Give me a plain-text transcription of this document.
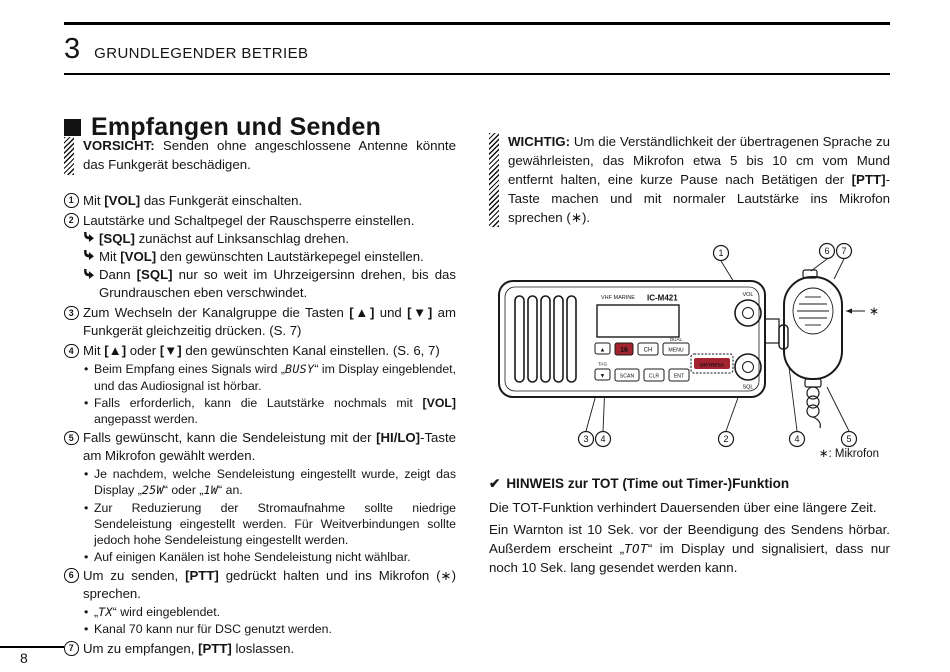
3 GRUNDLEGENDER BETRIEB
Empfangen und Senden
VORSICHT: Senden ohne angeschlossene Antenne könnte das Funkgerät beschädigen.
1 Mit [VOL] das Funkgerät einschalten.
2 Lautstärke und Schaltpegel der Rauschsperre einstellen.
[SQL] zunächst auf Linksanschlag drehen.
Mit [VOL] den gewünschten Lautstärkepegel einstellen.
Dann [SQL] nur so weit im Uhrzeigersinn drehen, bis das Grundrauschen eben verschwindet.
3 Zum Wechseln der Kanalgruppe die Tasten [▲] und [▼] am Funkgerät gleichzeitig drücken. (S. 7)
4 Mit [▲] oder [▼] den gewünschten Kanal einstellen. (S. 6, 7)
• Beim Empfang eines Signals wird „BUSY“ im Display eingeblendet, und das Audiosignal ist hörbar.
• Falls erforderlich, kann die Lautstärke nochmals mit [VOL] angepasst werden.
5 Falls gewünscht, kann die Sendeleistung mit der [HI/LO]-Taste am Mikrofon gewählt werden.
• Je nachdem, welche Sendeleistung eingestellt wurde, zeigt das Display „25W“ oder „1W“ an.
• Zur Reduzierung der Stromaufnahme sollte niedrige Sendeleistung eingestellt werden. Für Weitverbindungen sollte jedoch hohe Sendeleistung eingestellt werden.
• Auf einigen Kanälen ist hohe Sendeleistung nicht wählbar.
6 Um zu senden, [PTT] gedrückt halten und ins Mikrofon (∗) sprechen.
• „TX“ wird eingeblendet.
• Kanal 70 kann nur für DSC genutzt werden.
7 Um zu empfangen, [PTT] loslassen.
WICHTIG: Um die Verständlichkeit der übertragenen Sprache zu gewährleisten, das Mikrofon etwa 5 bis 10 cm vom Mund entfernt halten, eine kurze Pause nach Betätigen der [PTT]-Taste machen und mit normaler Lautstärke ins Mikrofon sprechen (∗).
1	6 7
3 4	2	4	5
VHF MARINE IC-M421	VOL
SQL
▲
▼
TAG
DUAL
16	CH	MENU
SCAN	CLR	ENT
DISTRESS
∗
∗: Mikrofon
✔ HINWEIS zur TOT (Time out Timer-)Funktion

Die TOT-Funktion verhindert Dauersenden über eine längere Zeit.

Ein Warnton ist 10 Sek. vor der Beendigung des Sendens hörbar. Außerdem erscheint „TOT“ im Display und signalisiert, dass nur noch 10 Sek. lang gesendet werden kann.

8
